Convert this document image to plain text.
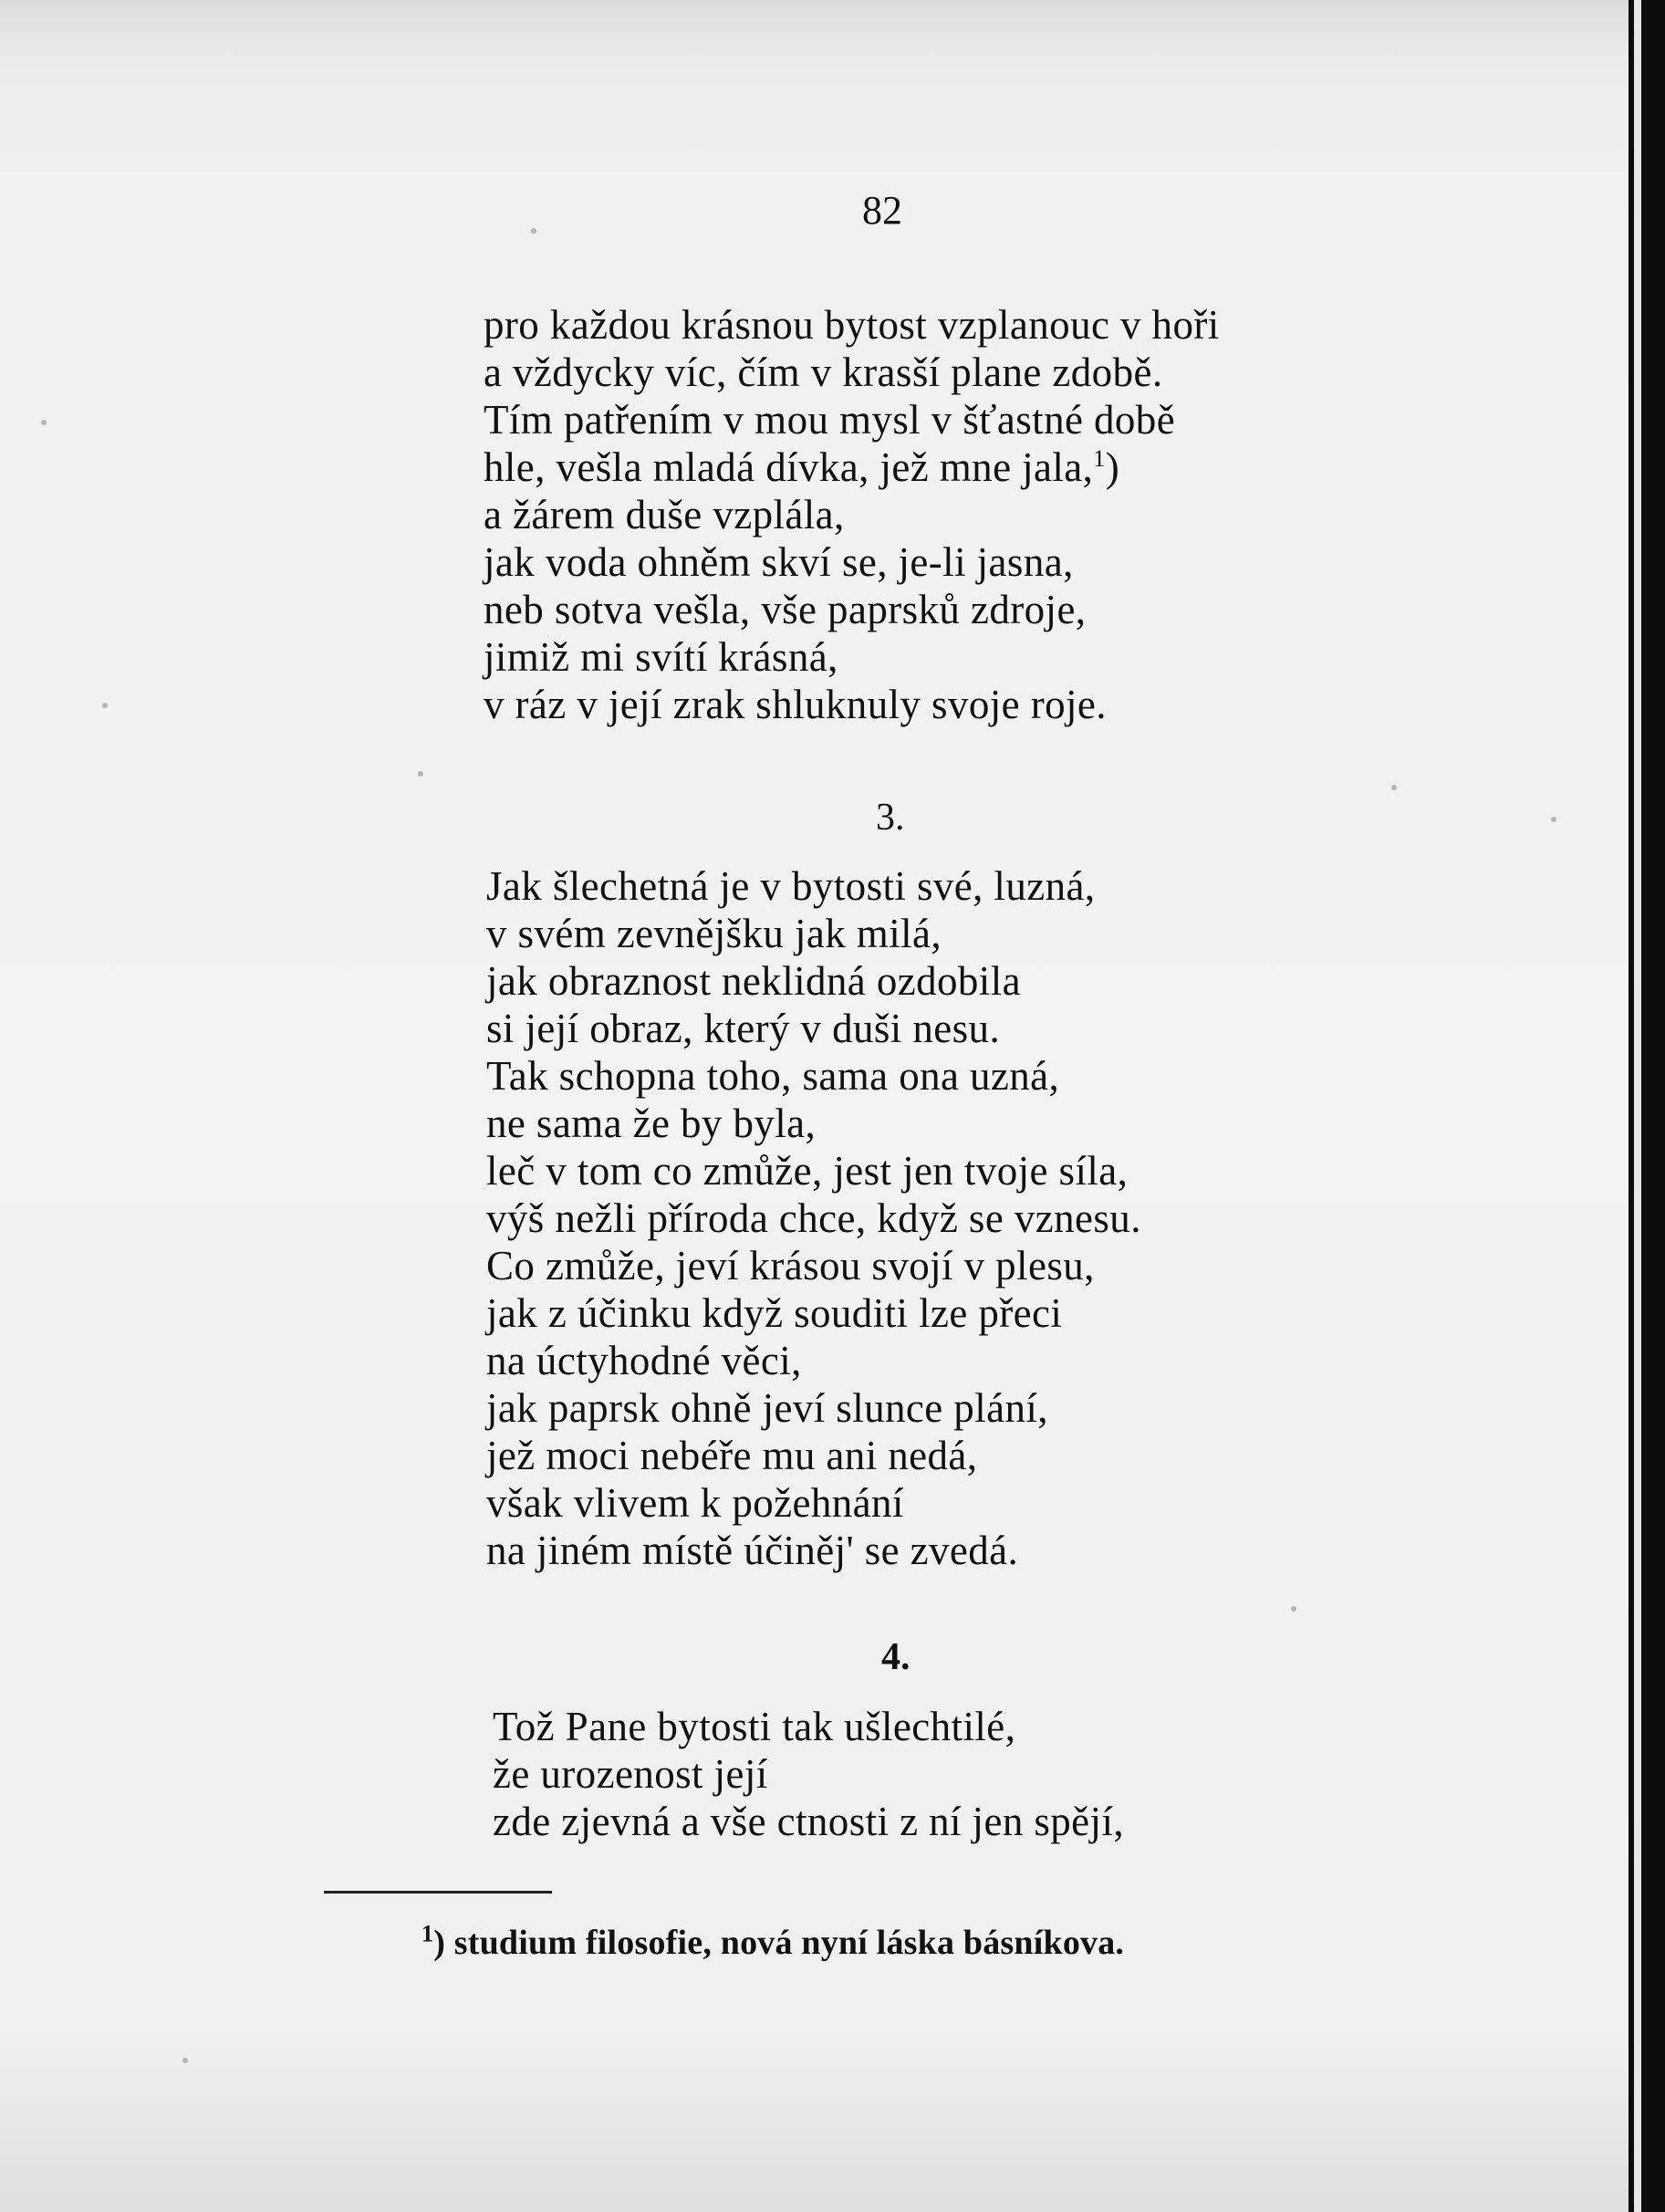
82
pro každou krásnou bytost vzplanouc v hoři
a vždycky víc, čím v krasší plane zdobě.
Tím patřením v mou mysl v šťastné době
hle, vešla mladá dívka, jež mne jala,$^1$)
a žárem duše vzplála,
jak voda ohněm skví se, je-li jasna,
neb sotva vešla, vše paprsků zdroje,
jimiž mi svítí krásná,
v ráz v její zrak shluknuly svoje roje.
3.
Jak šlechetná je v bytosti své, luzná,
v svém zevnějšku jak milá,
jak obraznost neklidná ozdobila
si její obraz, který v duši nesu.
Tak schopna toho, sama ona uzná,
ne sama že by byla,
leč v tom co zmůže, jest jen tvoje síla,
výš nežli příroda chce, když se vznesu.
Co zmůže, jeví krásou svojí v plesu,
jak z účinku když souditi lze přeci
na úctyhodné věci,
jak paprsk ohně jeví slunce plání,
jež moci nebéře mu ani nedá,
však vlivem k požehnání
na jiném místě účiněj' se zvedá.
4.
Tož Pane bytosti tak ušlechtilé,
že urozenost její
zde zjevná a vše ctnosti z ní jen spějí,
$^1$) studium filosofie, nová nyní láska básníkova.
